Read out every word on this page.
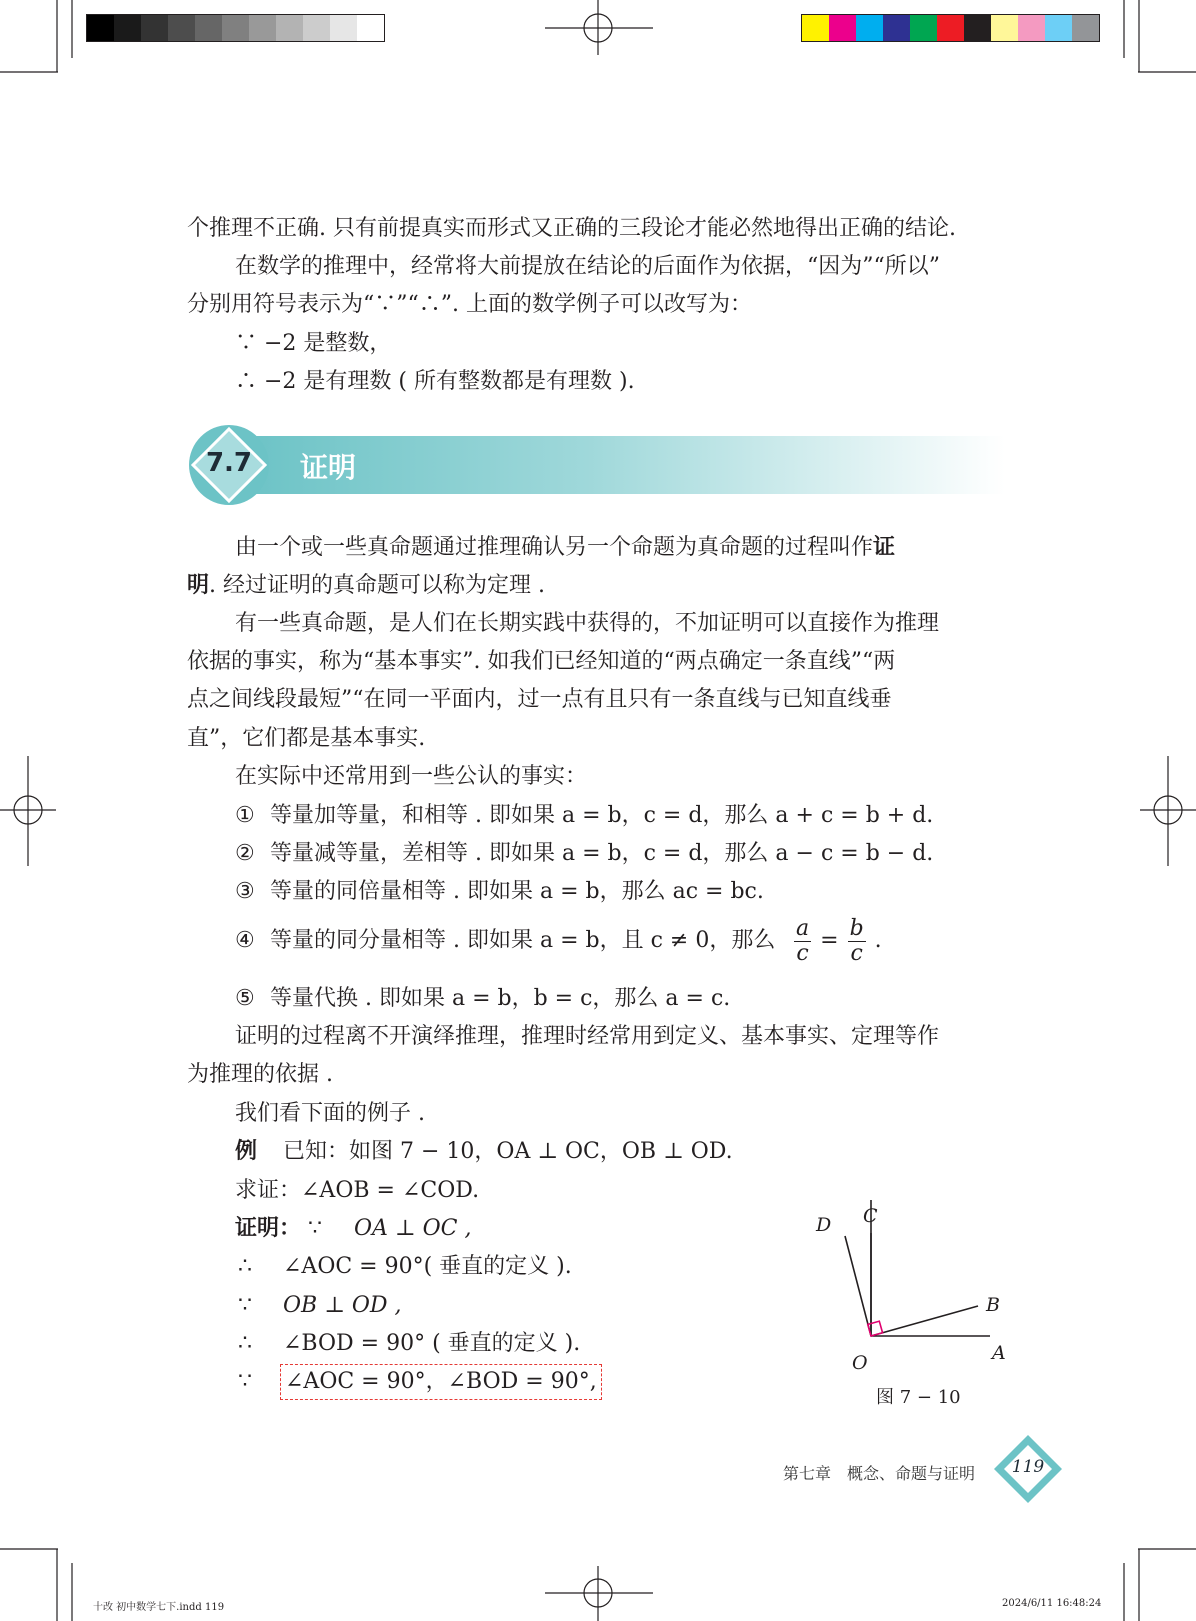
个推理不正确. 只有前提真实而形式又正确的三段论才能必然地得出正确的结论.
在数学的推理中，经常将大前提放在结论的后面作为依据，“因为”“所以”
分别用符号表示为“∵”“∴”. 上面的数学例子可以改写为：
∵ −2 是整数，
∴ −2 是有理数 ( 所有整数都是有理数 ).
7.7	证明
由一个或一些真命题通过推理确认另一个命题为真命题的过程叫作证
明. 经过证明的真命题可以称为定理 .
有一些真命题，是人们在长期实践中获得的，不加证明可以直接作为推理
依据的事实，称为“基本事实”. 如我们已经知道的“两点确定一条直线”“两
点之间线段最短”“在同一平面内，过一点有且只有一条直线与已知直线垂
直”，它们都是基本事实.
在实际中还常用到一些公认的事实：
① 等量加等量，和相等 . 即如果 a = b，c = d，那么 a + c = b + d.
② 等量减等量，差相等 . 即如果 a = b，c = d，那么 a − c = b − d.
③ 等量的同倍量相等 . 即如果 a = b，那么 ac = bc.
④ 等量的同分量相等 . 即如果 a = b，且 c ≠ 0，那么 $\frac{a}{c} = \frac{b}{c}$ .
⑤ 等量代换 . 即如果 a = b，b = c，那么 a = c.
证明的过程离不开演绎推理，推理时经常用到定义、基本事实、定理等作
为推理的依据 .
我们看下面的例子 .
例 已知：如图 7 − 10，OA ⊥ OC，OB ⊥ OD.
求证：∠AOB = ∠COD.
证明： ∵ OA ⊥ OC ,
∴ ∠AOC = 90°( 垂直的定义 ).
∵ OB ⊥ OD ,
∴ ∠BOD = 90° ( 垂直的定义 ).
∵ ∠AOC = 90°，∠BOD = 90°,
D C
B
O	A
图 7 − 10
第七章　概念、命题与证明	119
十改 初中数学七下.indd 119	2024/6/11 16:48:24
